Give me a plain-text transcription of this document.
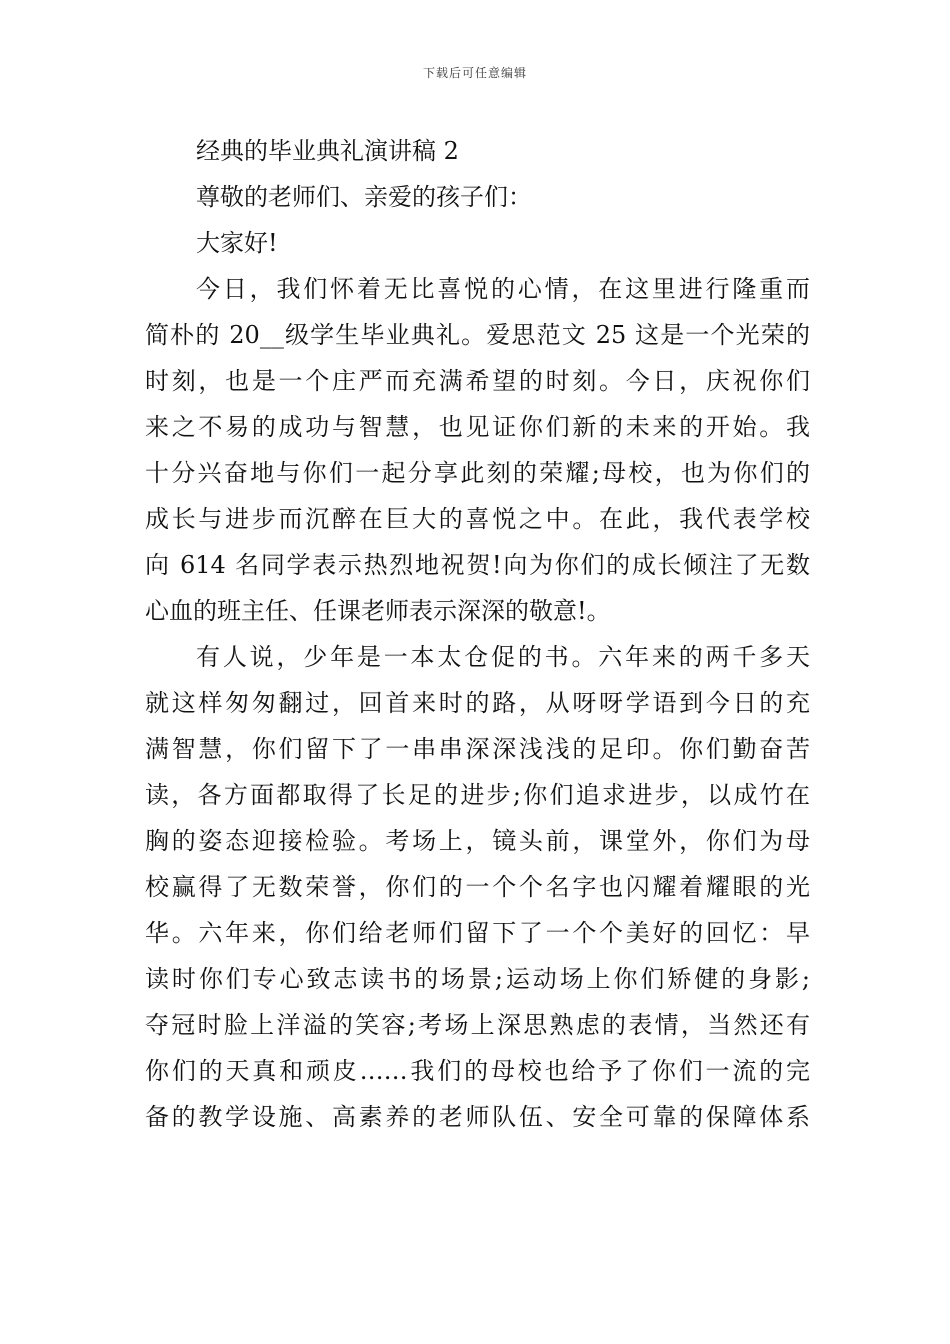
下载后可任意编辑
经典的毕业典礼演讲稿 2
尊敬的老师们、亲爱的孩子们：
大家好!
今日，我们怀着无比喜悦的心情，在这里进行隆重而
简朴的 20__级学生毕业典礼。爱思范文 25 这是一个光荣的
时刻，也是一个庄严而充满希望的时刻。今日，庆祝你们
来之不易的成功与智慧，也见证你们新的未来的开始。我
十分兴奋地与你们一起分享此刻的荣耀;母校，也为你们的
成长与进步而沉醉在巨大的喜悦之中。在此，我代表学校
向 614 名同学表示热烈地祝贺!向为你们的成长倾注了无数
心血的班主任、任课老师表示深深的敬意!。
有人说，少年是一本太仓促的书。六年来的两千多天
就这样匆匆翻过，回首来时的路，从呀呀学语到今日的充
满智慧，你们留下了一串串深深浅浅的足印。你们勤奋苦
读，各方面都取得了长足的进步;你们追求进步，以成竹在
胸的姿态迎接检验。考场上，镜头前，课堂外，你们为母
校赢得了无数荣誉，你们的一个个名字也闪耀着耀眼的光
华。六年来，你们给老师们留下了一个个美好的回忆：早
读时你们专心致志读书的场景;运动场上你们矫健的身影;
夺冠时脸上洋溢的笑容;考场上深思熟虑的表情，当然还有
你们的天真和顽皮……我们的母校也给予了你们一流的完
备的教学设施、高素养的老师队伍、安全可靠的保障体系
